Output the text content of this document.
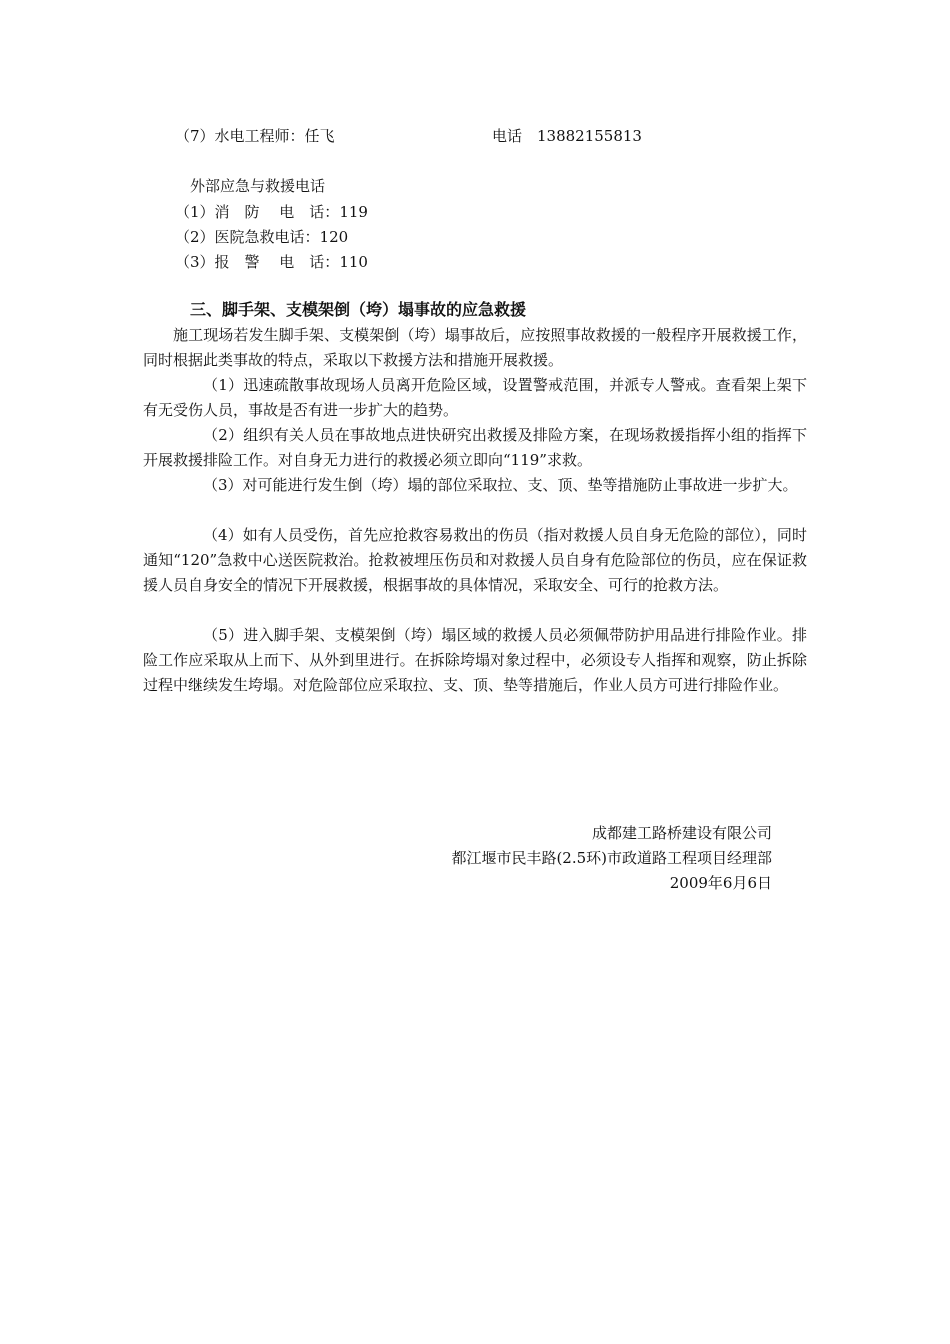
（7）水电工程师：任飞	电话　13882155813
外部应急与救援电话
（1）消　防　 电　话：119
（2）医院急救电话：120
（3）报　警　 电　话：110
三、脚手架、支模架倒（垮）塌事故的应急救援
施工现场若发生脚手架、支模架倒（垮）塌事故后，应按照事故救援的一般程序开展救援工作，同时根据此类事故的特点，采取以下救援方法和措施开展救援。
（1）迅速疏散事故现场人员离开危险区域，设置警戒范围，并派专人警戒。查看架上架下有无受伤人员，事故是否有进一步扩大的趋势。
（2）组织有关人员在事故地点进快研究出救援及排险方案，在现场救援指挥小组的指挥下开展救援排险工作。对自身无力进行的救援必须立即向“119”求救。
（3）对可能进行发生倒（垮）塌的部位采取拉、支、顶、垫等措施防止事故进一步扩大。
（4）如有人员受伤，首先应抢救容易救出的伤员（指对救援人员自身无危险的部位），同时通知“120”急救中心送医院救治。抢救被埋压伤员和对救援人员自身有危险部位的伤员，应在保证救援人员自身安全的情况下开展救援，根据事故的具体情况，采取安全、可行的抢救方法。
（5）进入脚手架、支模架倒（垮）塌区域的救援人员必须佩带防护用品进行排险作业。排险工作应采取从上而下、从外到里进行。在拆除垮塌对象过程中，必须设专人指挥和观察，防止拆除过程中继续发生垮塌。对危险部位应采取拉、支、顶、垫等措施后，作业人员方可进行排险作业。
成都建工路桥建设有限公司
都江堰市民丰路(2.5环)市政道路工程项目经理部
2009年6月6日
